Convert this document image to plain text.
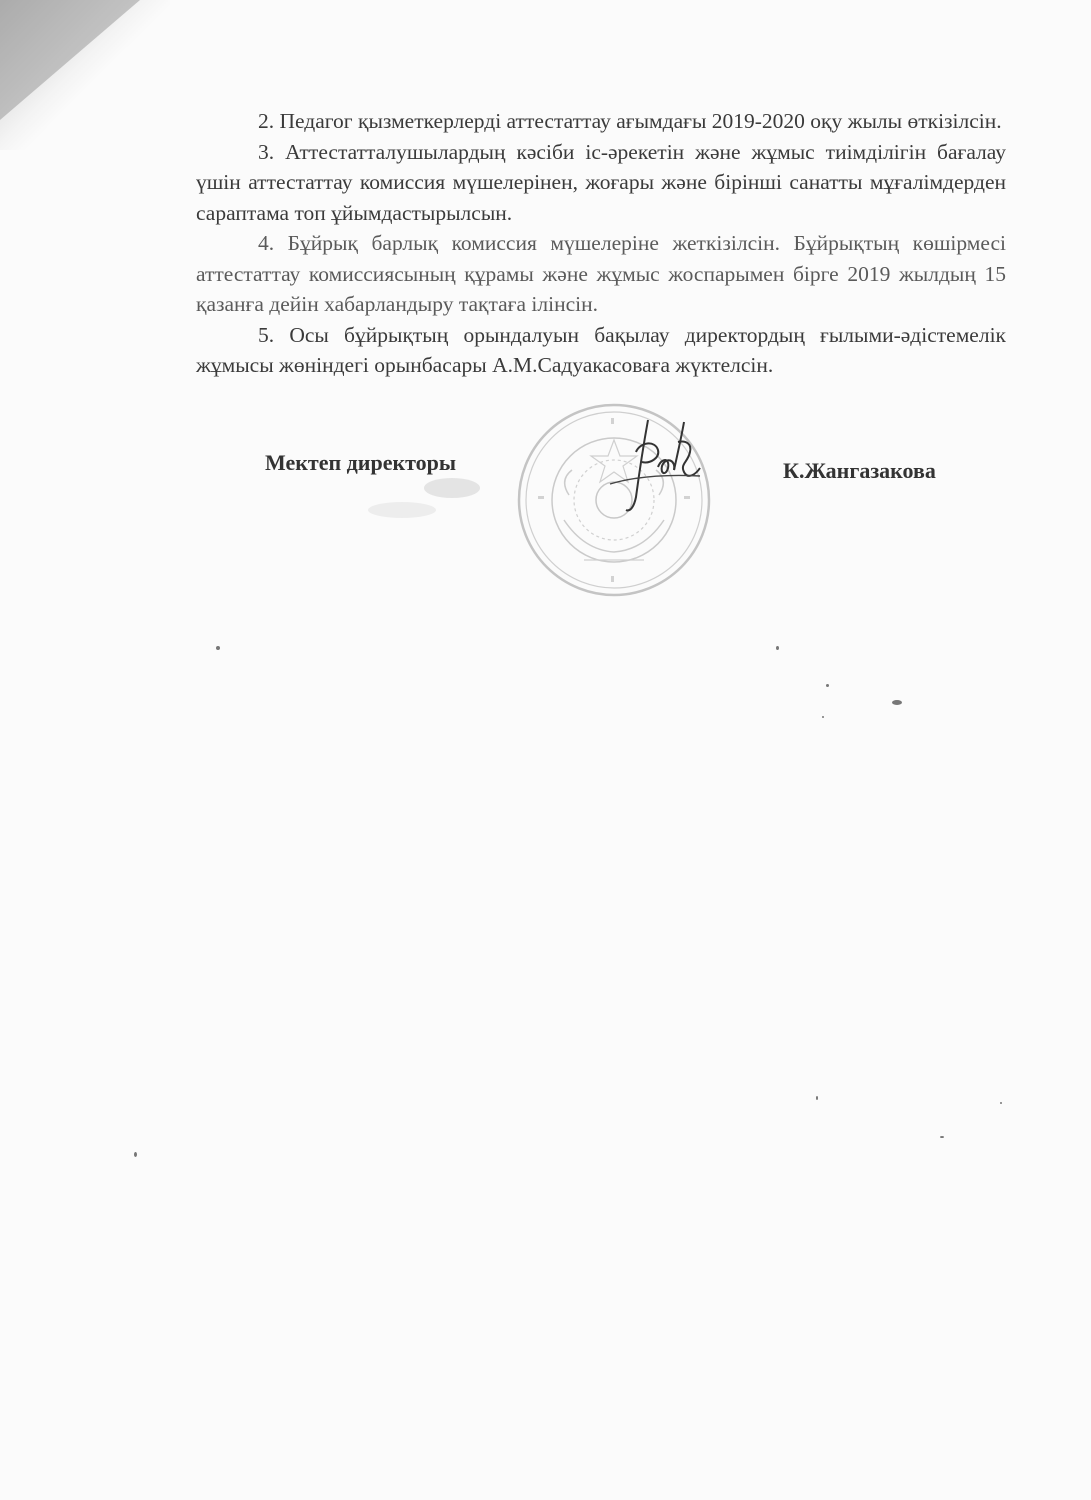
2. Педагог қызметкерлерді аттестаттау ағымдағы 2019-2020 оқу жылы өткізілсін.

3. Аттестатталушылардың кәсіби іс-әрекетін және жұмыс тиімділігін бағалау үшін аттестаттау комиссия мүшелерінен, жоғары және бірінші санатты мұғалімдерден сараптама топ ұйымдастырылсын.

4. Бұйрық барлық комиссия мүшелеріне жеткізілсін. Бұйрықтың көшірмесі аттестаттау комиссиясының құрамы және жұмыс жоспарымен бірге 2019 жылдың 15 қазанға дейін хабарландыру тақтаға ілінсін.

5. Осы бұйрықтың орындалуын бақылау директордың ғылыми-әдістемелік жұмысы жөніндегі орынбасары А.М.Садуакасоваға жүктелсін.

Мектеп директоры	К.Жангазакова
